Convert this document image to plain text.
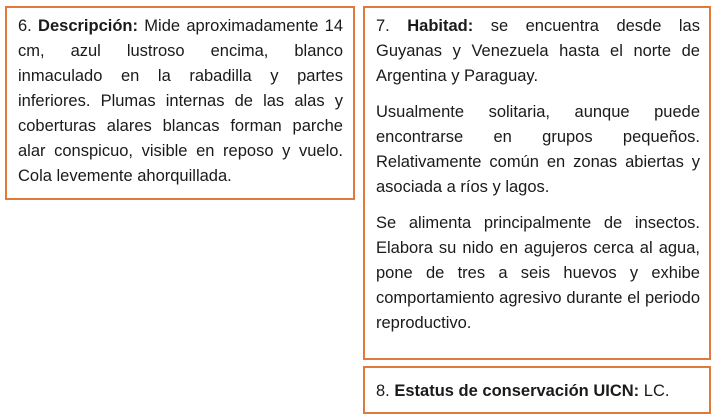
6. Descripción: Mide aproximadamente 14 cm, azul lustroso encima, blanco inmaculado en la rabadilla y partes inferiores. Plumas internas de las alas y coberturas alares blancas forman parche alar conspicuo, visible en reposo y vuelo. Cola levemente ahorquillada.

7. Habitad: se encuentra desde las Guyanas y Venezuela hasta el norte de Argentina y Paraguay.

Usualmente solitaria, aunque puede encontrarse en grupos pequeños. Relativamente común en zonas abiertas y asociada a ríos y lagos.

Se alimenta principalmente de insectos. Elabora su nido en agujeros cerca al agua, pone de tres a seis huevos y exhibe comportamiento agresivo durante el periodo reproductivo.

8. Estatus de conservación UICN: LC.
